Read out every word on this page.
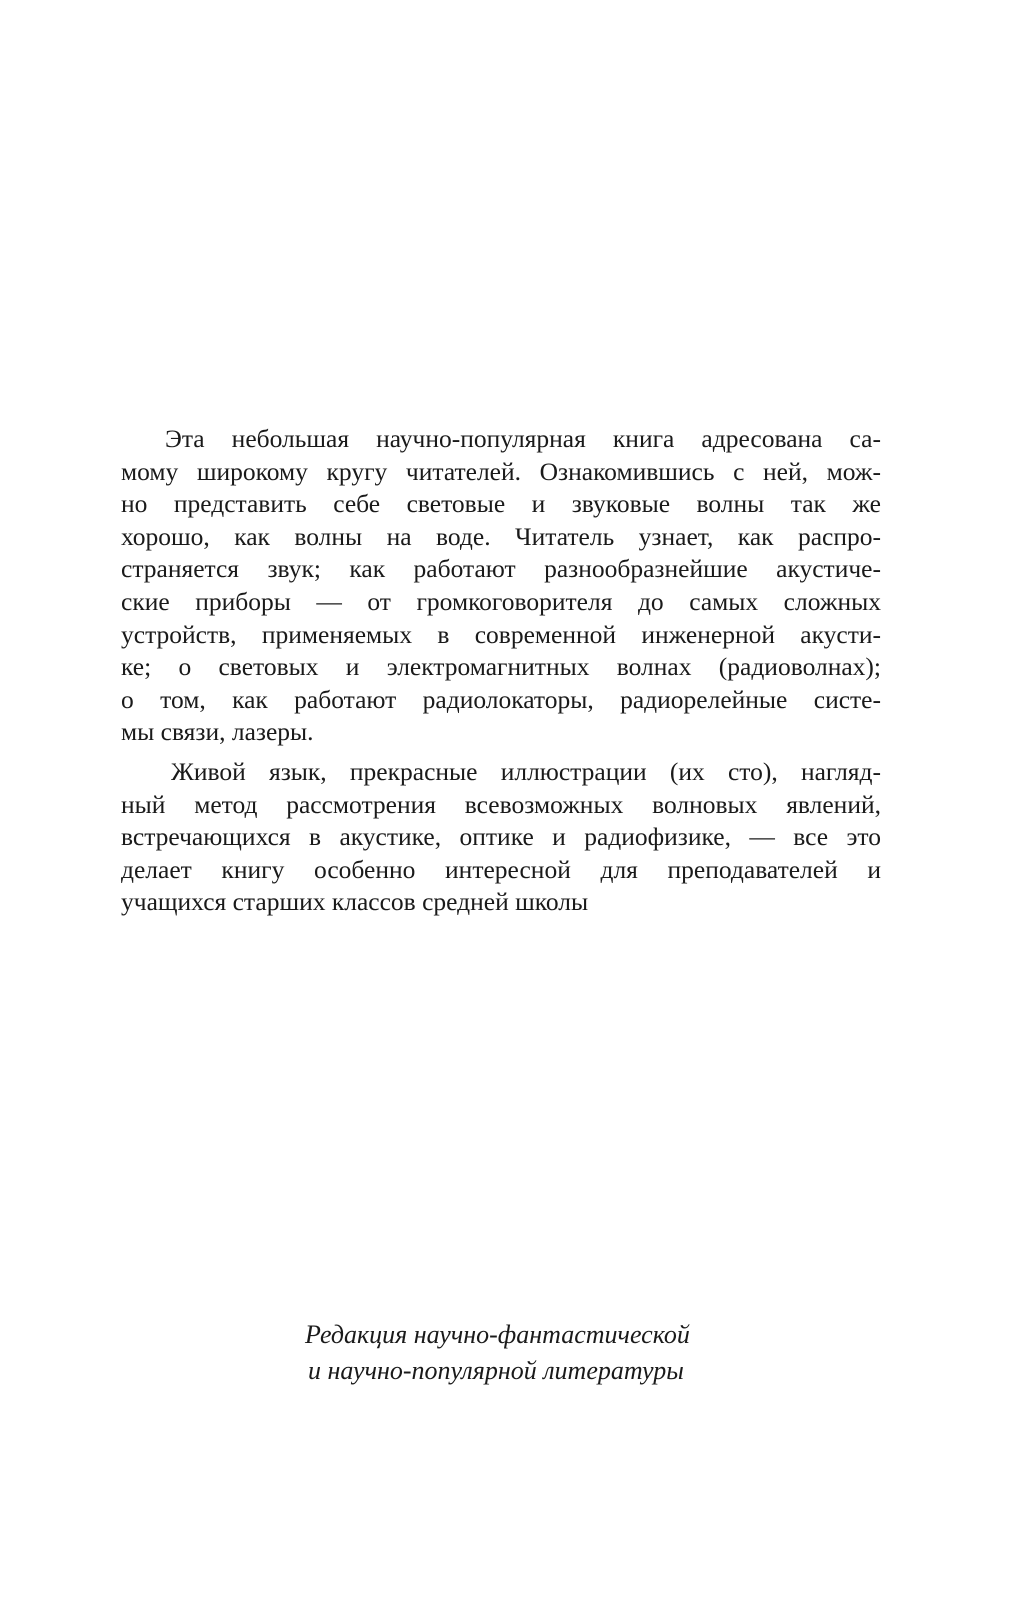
Эта небольшая научно-популярная книга адресована са-
мому широкому кругу читателей. Ознакомившись с ней, мож-
но представить себе световые и звуковые волны так же
хорошо, как волны на воде. Читатель узнает, как распро-
страняется звук; как работают разнообразнейшие акустиче-
ские приборы — от громкоговорителя до самых сложных
устройств, применяемых в современной инженерной акусти-
ке; о световых и электромагнитных волнах (радиоволнах);
о том, как работают радиолокаторы, радиорелейные систе-
мы связи, лазеры.
Живой язык, прекрасные иллюстрации (их сто), нагляд-
ный метод рассмотрения всевозможных волновых явлений,
встречающихся в акустике, оптике и радиофизике, — все это
делает книгу особенно интересной для преподавателей и
учащихся старших классов средней школы
Редакция научно-фантастической
и научно-популярной литературы
